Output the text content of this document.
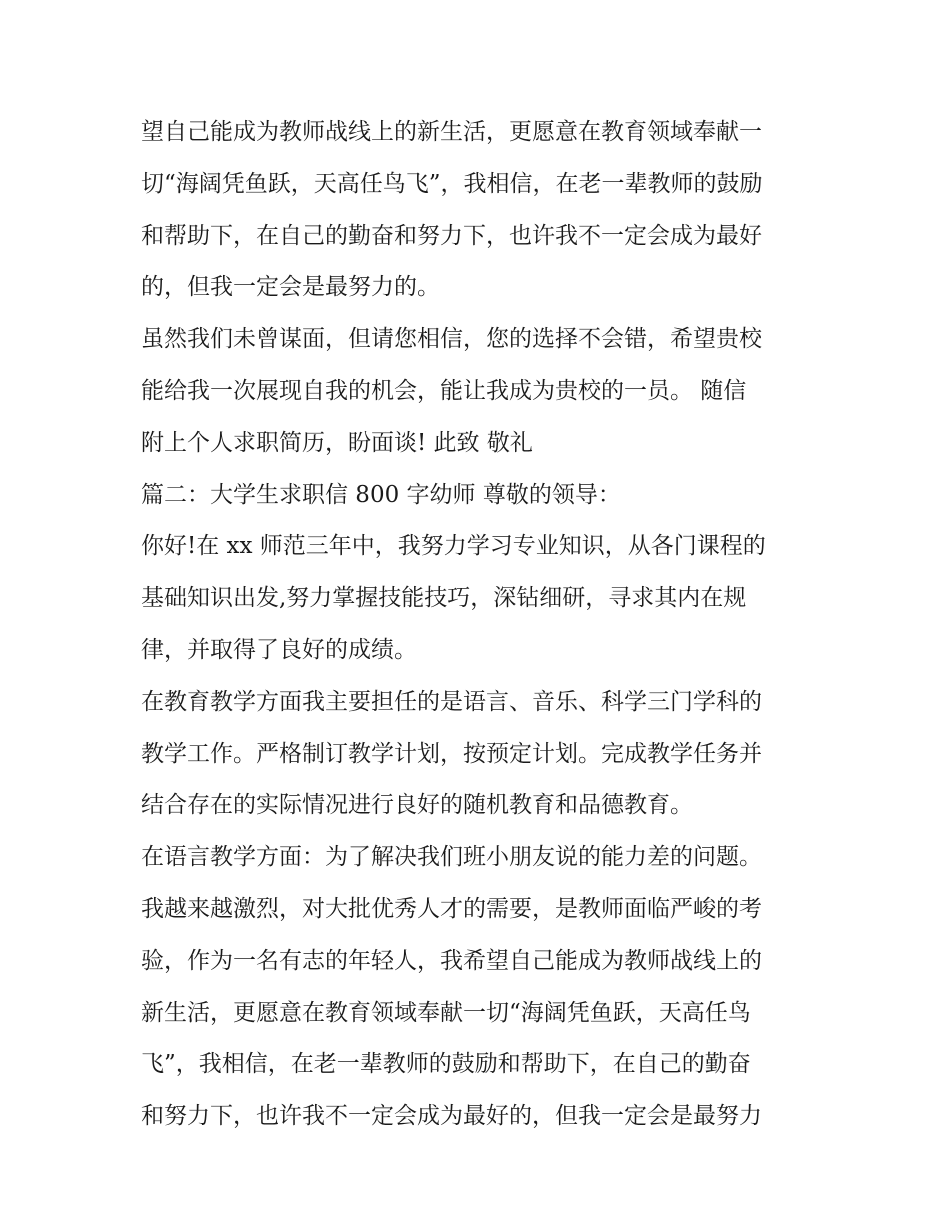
望自己能成为教师战线上的新生活，更愿意在教育领域奉献一
切“海阔凭鱼跃，天高任鸟飞”，我相信，在老一辈教师的鼓励
和帮助下，在自己的勤奋和努力下，也许我不一定会成为最好
的，但我一定会是最努力的。
虽然我们未曾谋面，但请您相信，您的选择不会错，希望贵校
能给我一次展现自我的机会，能让我成为贵校的一员。 随信
附上个人求职简历，盼面谈! 此致 敬礼
篇二：大学生求职信 800 字幼师 尊敬的领导：
你好!在 xx 师范三年中，我努力学习专业知识，从各门课程的
基础知识出发,努力掌握技能技巧，深钻细研，寻求其内在规
律，并取得了良好的成绩。
在教育教学方面我主要担任的是语言、音乐、科学三门学科的
教学工作。严格制订教学计划，按预定计划。完成教学任务并
结合存在的实际情况进行良好的随机教育和品德教育。
在语言教学方面：为了解决我们班小朋友说的能力差的问题。
我越来越激烈，对大批优秀人才的需要，是教师面临严峻的考
验，作为一名有志的年轻人，我希望自己能成为教师战线上的
新生活，更愿意在教育领域奉献一切“海阔凭鱼跃，天高任鸟
飞”，我相信，在老一辈教师的鼓励和帮助下，在自己的勤奋
和努力下，也许我不一定会成为最好的，但我一定会是最努力
